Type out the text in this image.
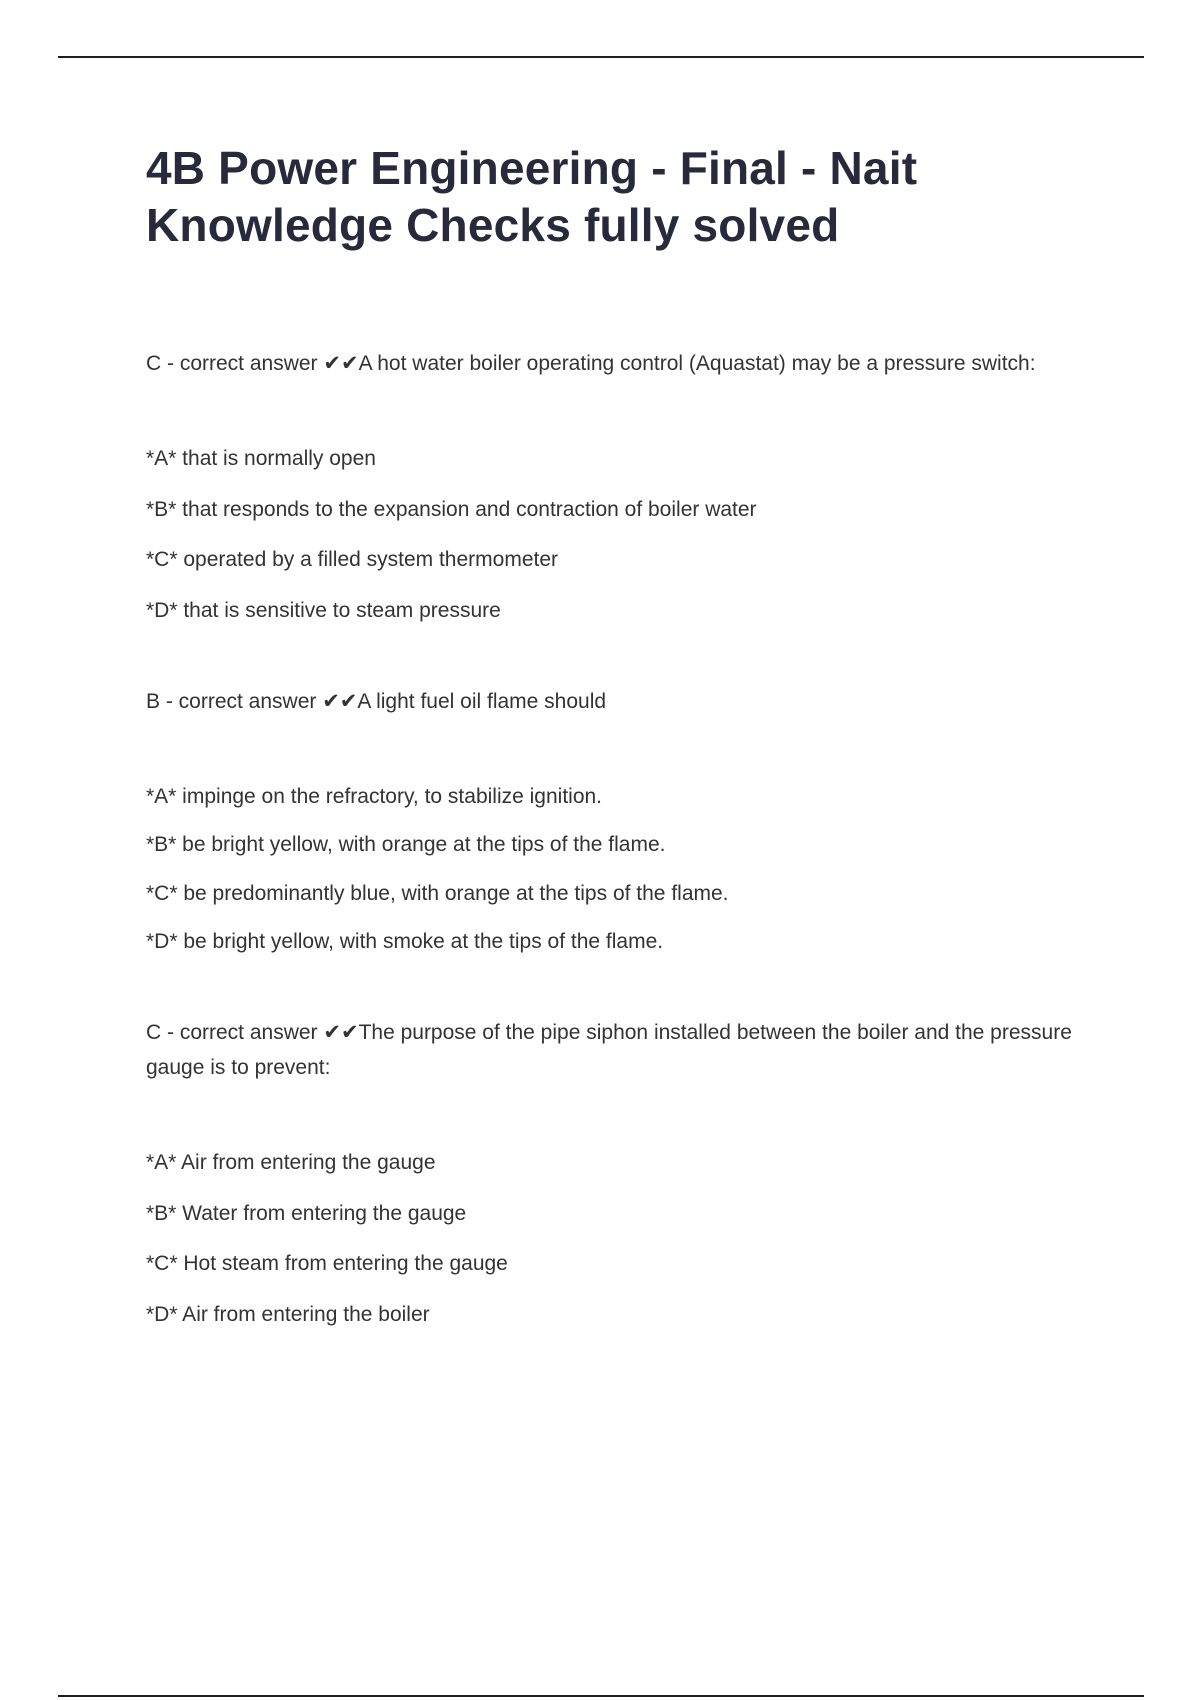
4B Power Engineering - Final - Nait Knowledge Checks fully solved

C - correct answer ✔✔A hot water boiler operating control (Aquastat) may be a pressure switch:

*A* that is normally open

*B* that responds to the expansion and contraction of boiler water

*C* operated by a filled system thermometer

*D* that is sensitive to steam pressure

B - correct answer ✔✔A light fuel oil flame should

*A* impinge on the refractory, to stabilize ignition.

*B* be bright yellow, with orange at the tips of the flame.

*C* be predominantly blue, with orange at the tips of the flame.

*D* be bright yellow, with smoke at the tips of the flame.

C - correct answer ✔✔The purpose of the pipe siphon installed between the boiler and the pressure gauge is to prevent:

*A* Air from entering the gauge

*B* Water from entering the gauge

*C* Hot steam from entering the gauge

*D* Air from entering the boiler
